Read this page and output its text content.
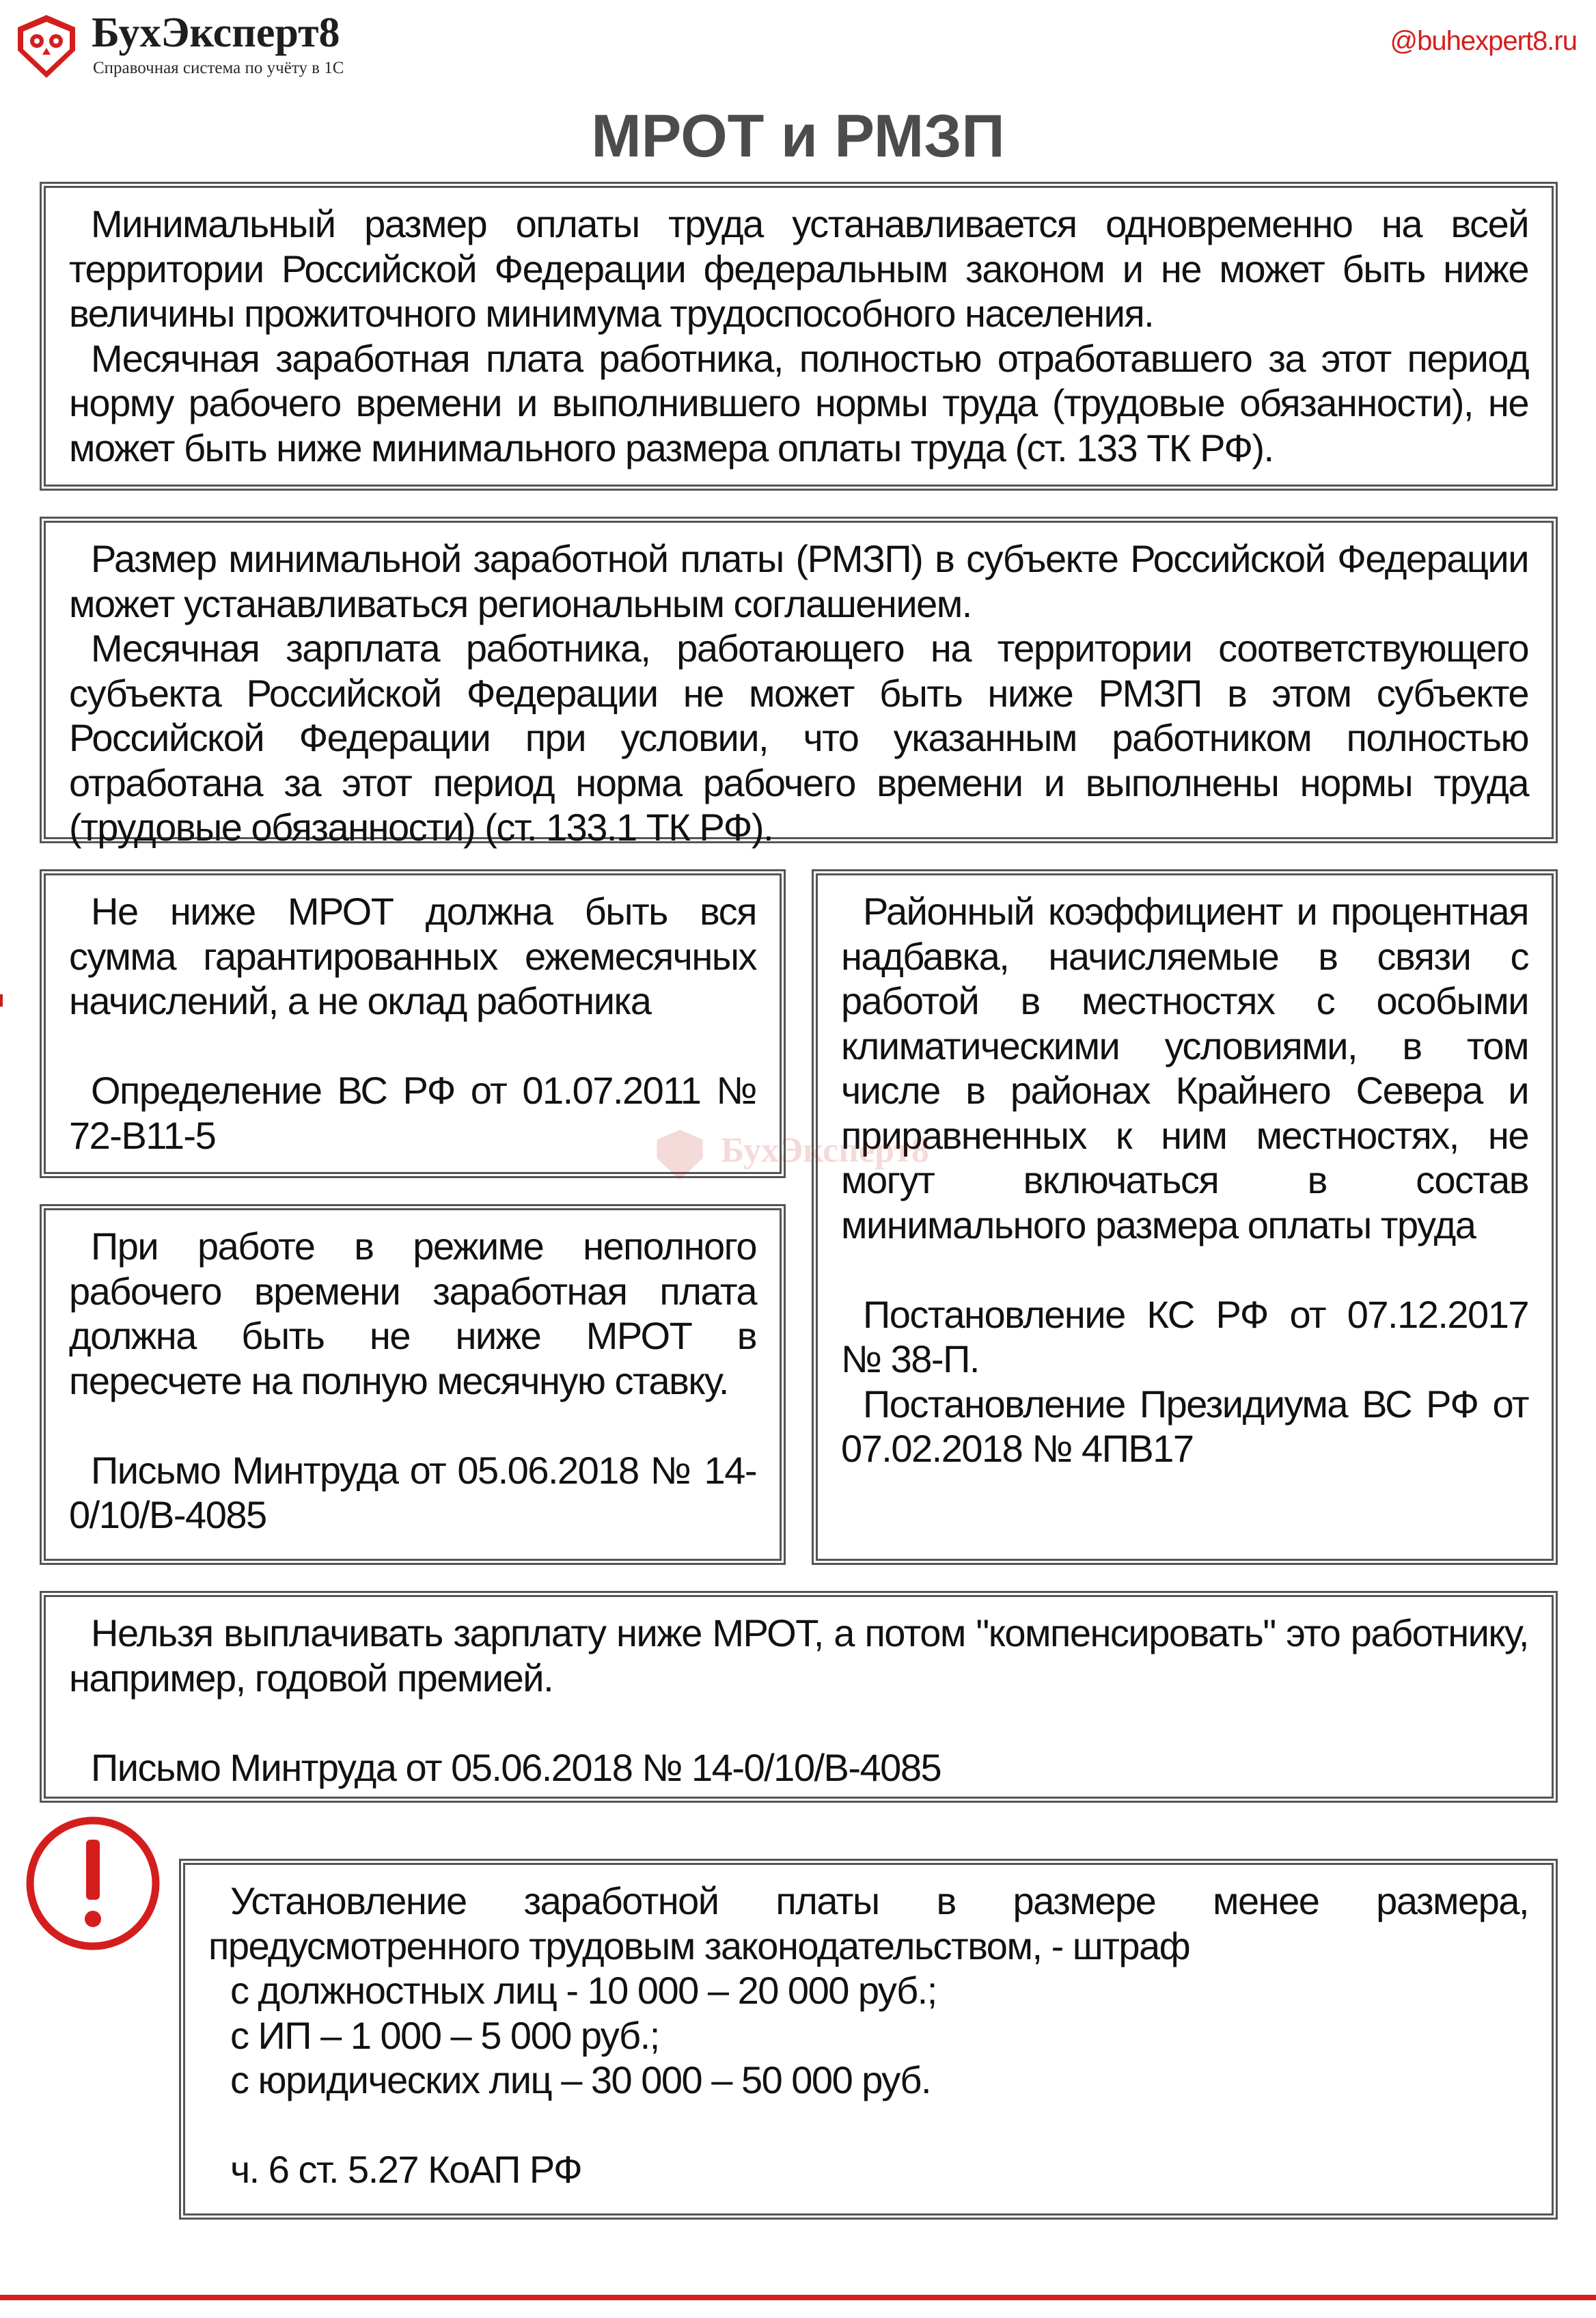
БухЭксперт8
Справочная система по учёту в 1С
@buhexpert8.ru
МРОТ и РМЗП

Минимальный размер оплаты труда устанавливается одновременно на всей территории Российской Федерации федеральным законом и не может быть ниже величины прожиточного минимума трудоспособного населения.

Месячная заработная плата работника, полностью отработавшего за этот период норму рабочего времени и выполнившего нормы труда (трудовые обязанности), не может быть ниже минимального размера оплаты труда (ст. 133 ТК РФ).

Размер минимальной заработной платы (РМЗП) в субъекте Российской Федерации может устанавливаться региональным соглашением.

Месячная зарплата работника, работающего на территории соответствующего субъекта Российской Федерации не может быть ниже РМЗП в этом субъекте Российской Федерации при условии, что указанным работником полностью отработана за этот период норма рабочего времени и выполнены нормы труда (трудовые обязанности) (ст. 133.1 ТК РФ).

Не ниже МРОТ должна быть вся сумма гарантированных ежемесячных начислений, а не оклад работника

Определение ВС РФ от 01.07.2011 № 72-В11-5

При работе в режиме неполного рабочего времени заработная плата должна быть не ниже МРОТ в пересчете на полную месячную ставку.

Письмо Минтруда от 05.06.2018 № 14-0/10/В-4085

Районный коэффициент и процентная надбавка, начисляемые в связи с работой в местностях с особыми климатическими условиями, в том числе в районах Крайнего Севера и приравненных к ним местностях, не могут включаться в состав минимального размера оплаты труда

Постановление КС РФ от 07.12.2017 № 38-П.

Постановление Президиума ВС РФ от 07.02.2018 № 4ПВ17

Нельзя выплачивать зарплату ниже МРОТ, а потом "компенсировать" это работнику, например, годовой премией.

Письмо Минтруда от 05.06.2018 № 14-0/10/В-4085

Установление заработной платы в размере менее размера, предусмотренного трудовым законодательством, - штраф

с должностных лиц - 10 000 – 20 000 руб.;

с ИП – 1 000 – 5 000 руб.;

с юридических лиц – 30 000 – 50 000 руб.

ч. 6 ст. 5.27 КоАП РФ

БухЭксперт8
